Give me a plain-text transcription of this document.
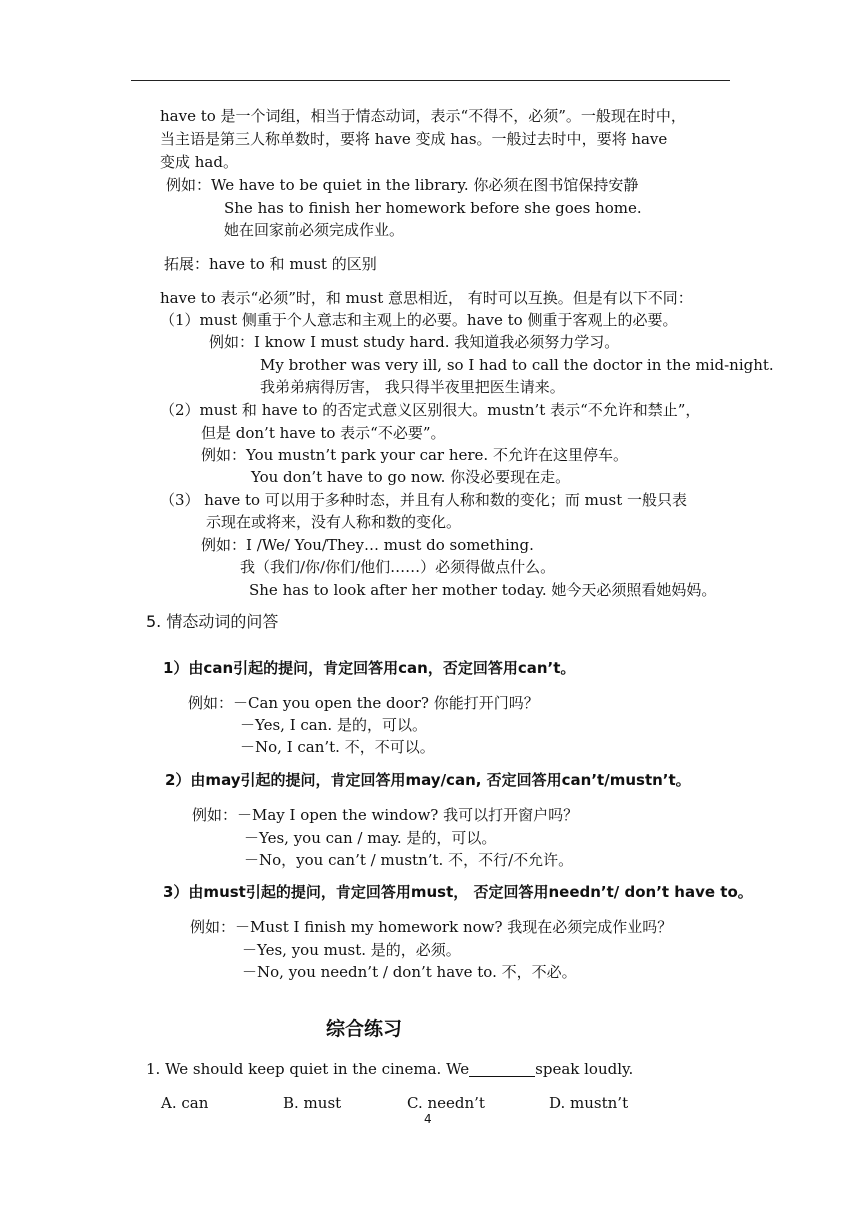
have to 是一个词组，相当于情态动词，表示“不得不，必须”。一般现在时中，
当主语是第三人称单数时，要将 have 变成 has。一般过去时中，要将 have
变成 had。
例如：We have to be quiet in the library. 你必须在图书馆保持安静
She has to finish her homework before she goes home.
她在回家前必须完成作业。
拓展：have to 和 must 的区别
have to 表示“必须”时，和 must 意思相近， 有时可以互换。但是有以下不同：
（1）must 侧重于个人意志和主观上的必要。have to 侧重于客观上的必要。
例如：I know I must study hard. 我知道我必须努力学习。
My brother was very ill, so I had to call the doctor in the mid-night.
我弟弟病得厉害， 我只得半夜里把医生请来。
（2）must 和 have to 的否定式意义区别很大。mustn’t 表示“不允许和禁止”，
但是 don’t have to 表示“不必要”。
例如：You mustn’t park your car here. 不允许在这里停车。
You don’t have to go now. 你没必要现在走。
（3） have to 可以用于多种时态，并且有人称和数的变化；而 must 一般只表
示现在或将来，没有人称和数的变化。
例如：I /We/ You/They… must do something.
我（我们/你/你们/他们……）必须得做点什么。
She has to look after her mother today. 她今天必须照看她妈妈。
5. 情态动词的问答
1）由can引起的提问，肯定回答用can，否定回答用can’t。
例如：－Can you open the door? 你能打开门吗？
－Yes, I can. 是的，可以。
－No, I can’t. 不，不可以。
2）由may引起的提问，肯定回答用may/can, 否定回答用can’t/mustn’t。
例如：－May I open the window? 我可以打开窗户吗？
－Yes, you can / may. 是的，可以。
－No，you can’t / mustn’t. 不，不行/不允许。
3）由must引起的提问，肯定回答用must， 否定回答用needn’t/ don’t have to。
例如：－Must I finish my homework now? 我现在必须完成作业吗？
－Yes, you must. 是的，必须。
－No, you needn’t / don’t have to. 不，不必。
综合练习
1. We should keep quiet in the cinema. We	speak loudly.
A. can	B. must	C. needn’t	D. mustn’t
4
